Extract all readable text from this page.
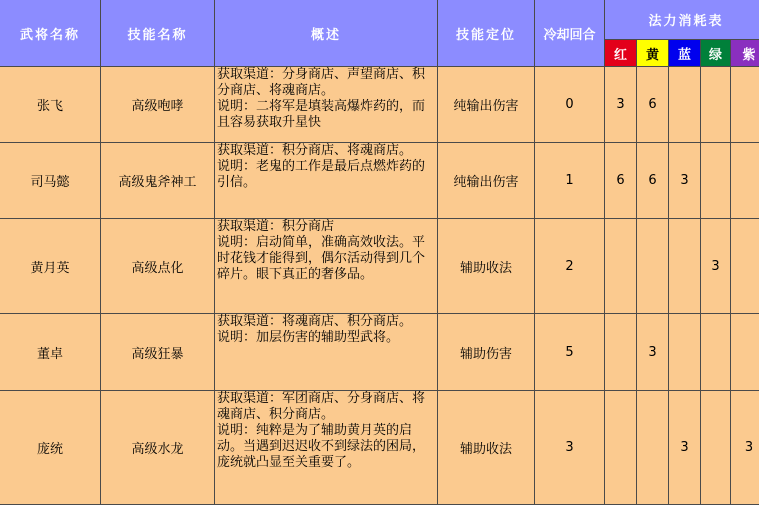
武将名称	技能名称	概述	技能定位	冷却回合	法力消耗表				
					红	黄	蓝	绿	紫
张飞	高级咆哮	获取渠道：分身商店、声望商店、积分商店、将魂商店。
说明：二将军是填装高爆炸药的，而且容易获取升星快	纯输出伤害	0	3	6			
司马懿	高级鬼斧神工	获取渠道：积分商店、将魂商店。
说明：老鬼的工作是最后点燃炸药的引信。	纯输出伤害	1	6	6	3		
黄月英	高级点化	获取渠道：积分商店
说明：启动简单，准确高效收法。平时花钱才能得到，偶尔活动得到几个碎片。眼下真正的奢侈品。	辅助收法	2				3	
董卓	高级狂暴	获取渠道：将魂商店、积分商店。
说明：加层伤害的辅助型武将。	辅助伤害	5		3			
庞统	高级水龙	获取渠道：军团商店、分身商店、将魂商店、积分商店。
说明：纯粹是为了辅助黄月英的启动。当遇到迟迟收不到绿法的困局，庞统就凸显至关重要了。	辅助收法	3			3		3
